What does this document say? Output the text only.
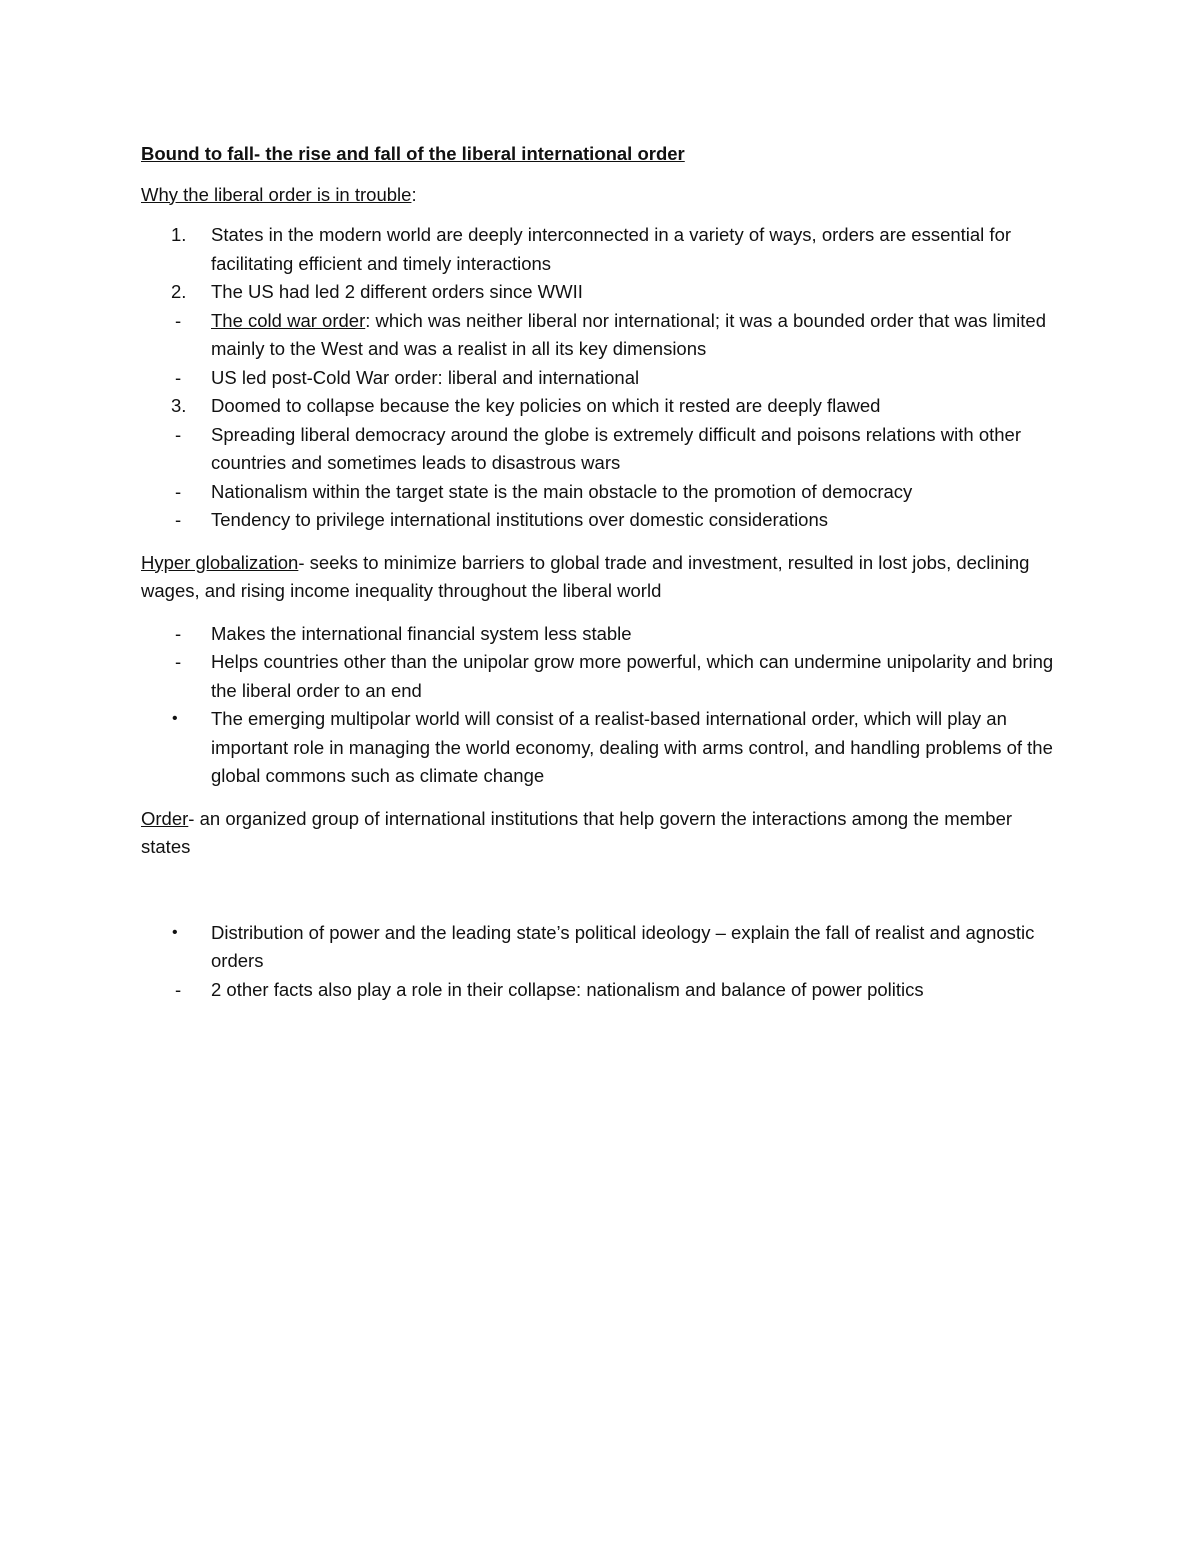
Bound to fall- the rise and fall of the liberal international order

Why the liberal order is in trouble:

1. States in the modern world are deeply interconnected in a variety of ways, orders are essential for facilitating efficient and timely interactions
2. The US had led 2 different orders since WWII
- The cold war order: which was neither liberal nor international; it was a bounded order that was limited mainly to the West and was a realist in all its key dimensions
- US led post-Cold War order: liberal and international
3. Doomed to collapse because the key policies on which it rested are deeply flawed
- Spreading liberal democracy around the globe is extremely difficult and poisons relations with other countries and sometimes leads to disastrous wars
- Nationalism within the target state is the main obstacle to the promotion of democracy
- Tendency to privilege international institutions over domestic considerations

Hyper globalization- seeks to minimize barriers to global trade and investment, resulted in lost jobs, declining wages, and rising income inequality throughout the liberal world

- Makes the international financial system less stable
- Helps countries other than the unipolar grow more powerful, which can undermine unipolarity and bring the liberal order to an end
• The emerging multipolar world will consist of a realist-based international order, which will play an important role in managing the world economy, dealing with arms control, and handling problems of the global commons such as climate change

Order- an organized group of international institutions that help govern the interactions among the member states

• Distribution of power and the leading state’s political ideology – explain the fall of realist and agnostic orders
- 2 other facts also play a role in their collapse: nationalism and balance of power politics
